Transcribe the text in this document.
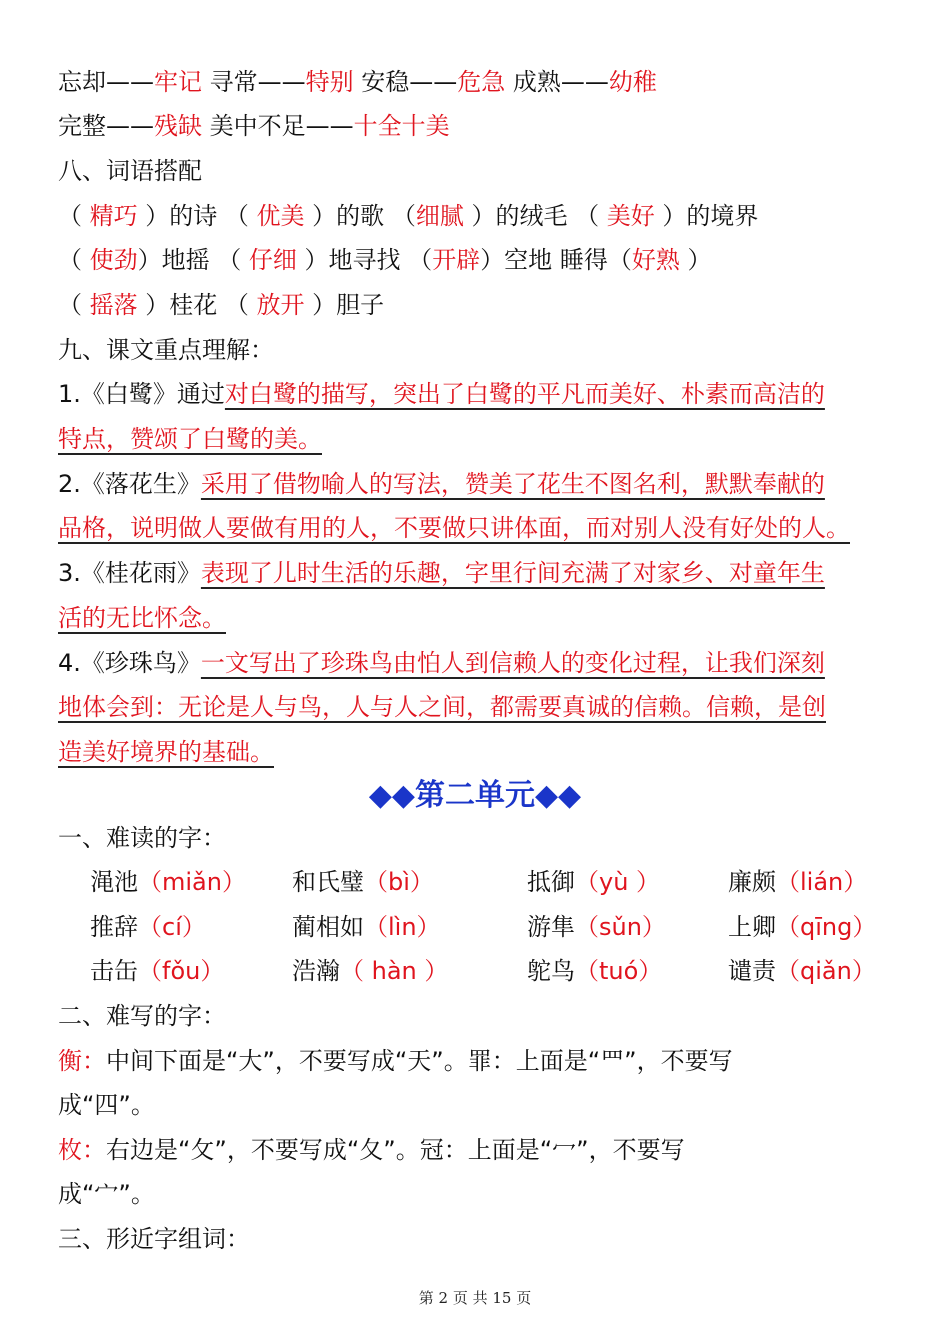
忘却——牢记 寻常——特别 安稳——危急 成熟——幼稚
完整——残缺 美中不足——十全十美
八、词语搭配
（ 精巧 ）的诗 （ 优美 ）的歌 （细腻 ）的绒毛 （ 美好 ）的境界
（ 使劲）地摇 （ 仔细 ）地寻找 （开辟）空地 睡得（好熟 ）
（ 摇落 ）桂花 （ 放开 ）胆子
九、课文重点理解：
1.《白鹭》通过对白鹭的描写，突出了白鹭的平凡而美好、朴素而高洁的
特点，赞颂了白鹭的美。
2.《落花生》采用了借物喻人的写法，赞美了花生不图名利，默默奉献的
品格，说明做人要做有用的人，不要做只讲体面，而对别人没有好处的人。
3.《桂花雨》表现了儿时生活的乐趣，字里行间充满了对家乡、对童年生
活的无比怀念。
4.《珍珠鸟》一文写出了珍珠鸟由怕人到信赖人的变化过程，让我们深刻
地体会到：无论是人与鸟，人与人之间，都需要真诚的信赖。信赖，是创
造美好境界的基础。
◆◆第二单元◆◆
一、难读的字：
渑池（miǎn） 和氏璧（bì）	抵御（yù ）	廉颇（lián）
推辞（cí）	蔺相如（lìn）	游隼（sǔn）	上卿（qīng）
击缶（fǒu）	浩瀚（ hàn ）	鸵鸟（tuó）	谴责（qiǎn）
二、难写的字：
衡：中间下面是“大”，不要写成“天”。罪：上面是“罒”，不要写
成“四”。
枚：右边是“攵”，不要写成“夂”。冠：上面是“冖”，不要写
成“宀”。
三、形近字组词：
第 2 页 共 15 页
